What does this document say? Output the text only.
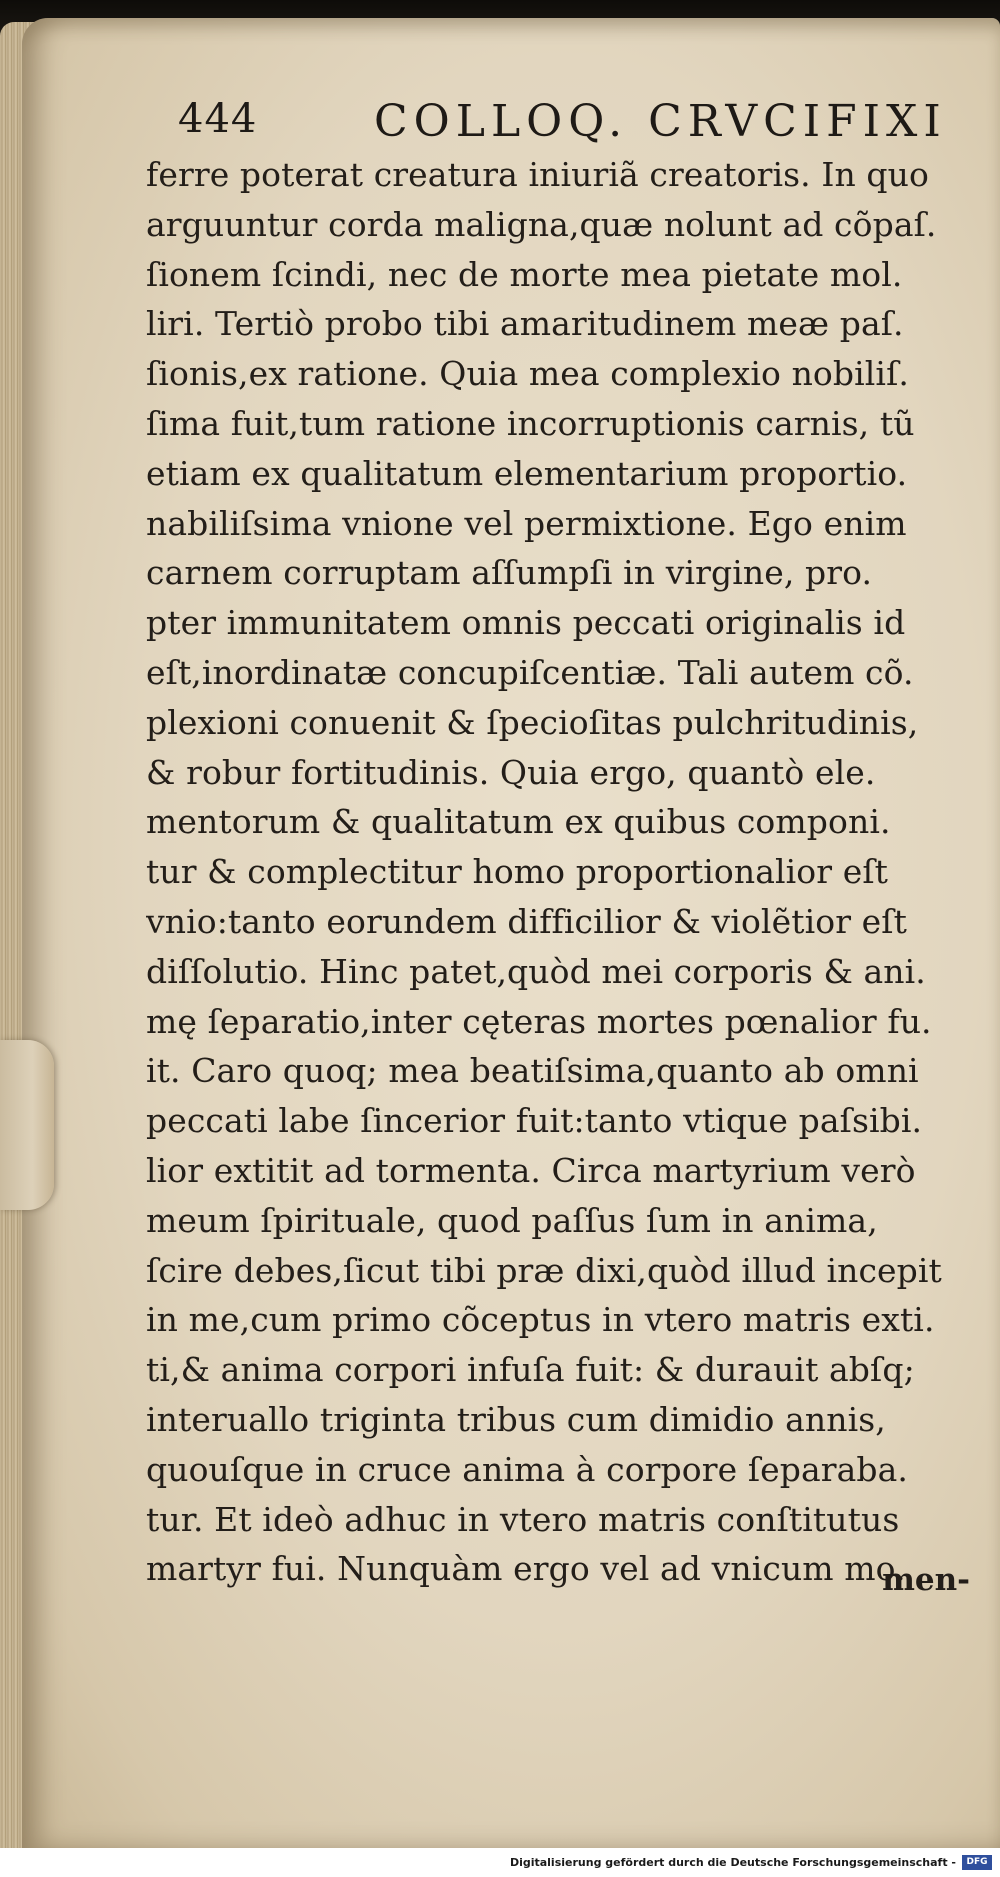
444	COLLOQ. CRVCIFIXI
ferre poterat creatura iniuriã creatoris. In quo
arguuntur corda maligna,quæ nolunt ad cõpaſ.
ſionem ſcindi, nec de morte mea pietate mol.
liri. Tertiò probo tibi amaritudinem meæ paſ.
ſionis,ex ratione. Quia mea complexio nobiliſ.
ſima fuit,tum ratione incorruptionis carnis, tũ
etiam ex qualitatum elementarium proportio.
nabiliſsima vnione vel permixtione. Ego enim
carnem corruptam aſſumpſi in virgine, pro.
pter immunitatem omnis peccati originalis id
eſt,inordinatæ concupiſcentiæ. Tali autem cõ.
plexioni conuenit & ſpecioſitas pulchritudinis,
& robur fortitudinis. Quia ergo, quantò ele.
mentorum & qualitatum ex quibus componi.
tur & complectitur homo proportionalior eſt
vnio:tanto eorundem difficilior & violẽtior eſt
diſſolutio. Hinc patet,quòd mei corporis & ani.
mę ſeparatio,inter cęteras mortes pœnalior fu.
it. Caro quoq; mea beatiſsima,quanto ab omni
peccati labe ſincerior fuit:tanto vtique paſsibi.
lior extitit ad tormenta. Circa martyrium verò
meum ſpirituale, quod paſſus ſum in anima,
ſcire debes,ſicut tibi præ dixi,quòd illud incepit
in me,cum primo cõceptus in vtero matris exti.
ti,& anima corpori infuſa fuit: & durauit abſq;
interuallo triginta tribus cum dimidio annis,
quouſque in cruce anima à corpore ſeparaba.
tur. Et ideò adhuc in vtero matris conſtitutus
martyr fui. Nunquàm ergo vel ad vnicum mo.
men-
Digitalisierung gefördert durch die Deutsche Forschungsgemeinschaft -	DFG
